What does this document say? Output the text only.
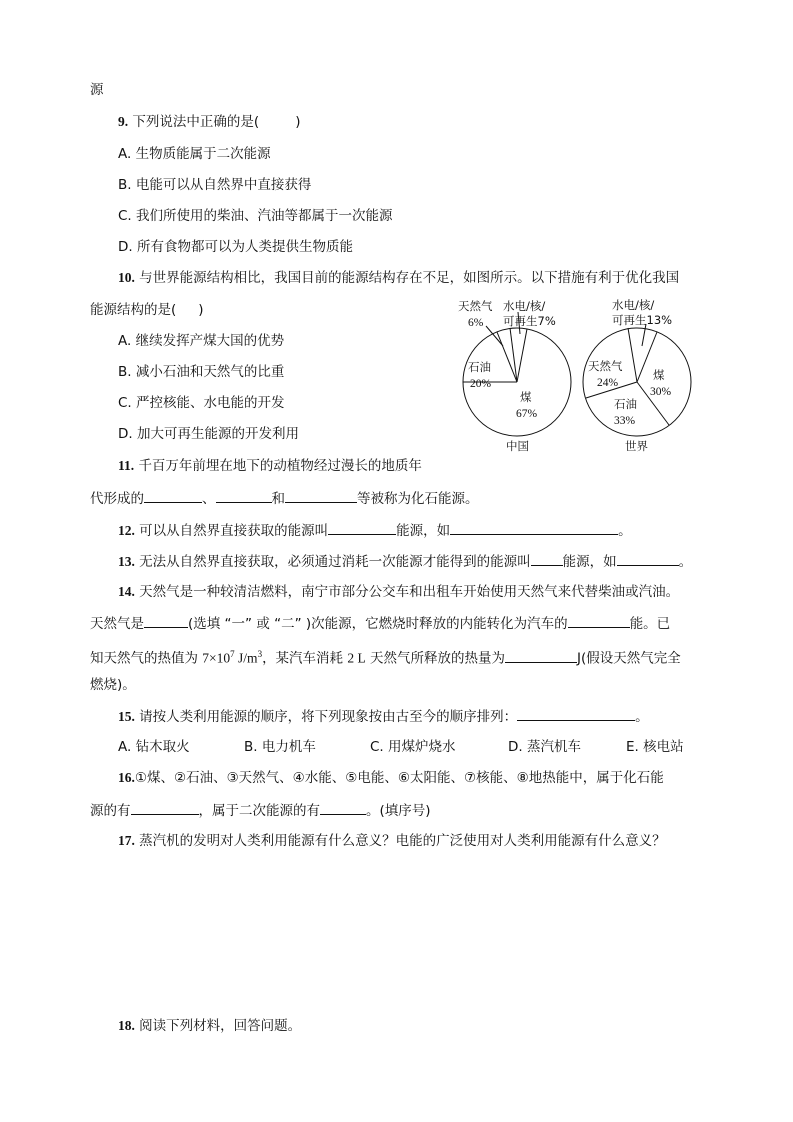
源
9. 下列说法中正确的是(	)
A. 生物质能属于二次能源
B. 电能可以从自然界中直接获得
C. 我们所使用的柴油、汽油等都属于一次能源
D. 所有食物都可以为人类提供生物质能
10. 与世界能源结构相比，我国目前的能源结构存在不足，如图所示。以下措施有利于优化我国
能源结构的是( )
A. 继续发挥产煤大国的优势
B. 减小石油和天然气的比重
C. 严控核能、水电能的开发
D. 加大可再生能源的开发利用
天然气
6%
水电/核/
可再生7%
石油
20%
煤
67%
中国
水电/核/
可再生13%
天然气
24%
煤
30%
石油
33%
世界
11. 千百万年前埋在地下的动植物经过漫长的地质年
代形成的	、	和	等被称为化石能源。
12. 可以从自然界直接获取的能源叫	能源，如	。
13. 无法从自然界直接获取，必须通过消耗一次能源才能得到的能源叫 能源，如	。
14. 天然气是一种较清洁燃料，南宁市部分公交车和出租车开始使用天然气来代替柴油或汽油。
天然气是	(选填 “一” 或 “二” )次能源，它燃烧时释放的内能转化为汽车的	能。已
知天然气的热值为 $7\times 10^7$ $J/m^3$，某汽车消耗 2 L 天然气所释放的热量为	J(假设天然气完全
燃烧)。
15. 请按人类利用能源的顺序，将下列现象按由古至今的顺序排列：	。
A. 钻木取火	B. 电力机车	C. 用煤炉烧水	D. 蒸汽机车	E. 核电站
16.①煤、②石油、③天然气、④水能、⑤电能、⑥太阳能、⑦核能、⑧地热能中，属于化石能
源的有	，属于二次能源的有	。(填序号)
17. 蒸汽机的发明对人类利用能源有什么意义？电能的广泛使用对人类利用能源有什么意义？
18. 阅读下列材料，回答问题。
